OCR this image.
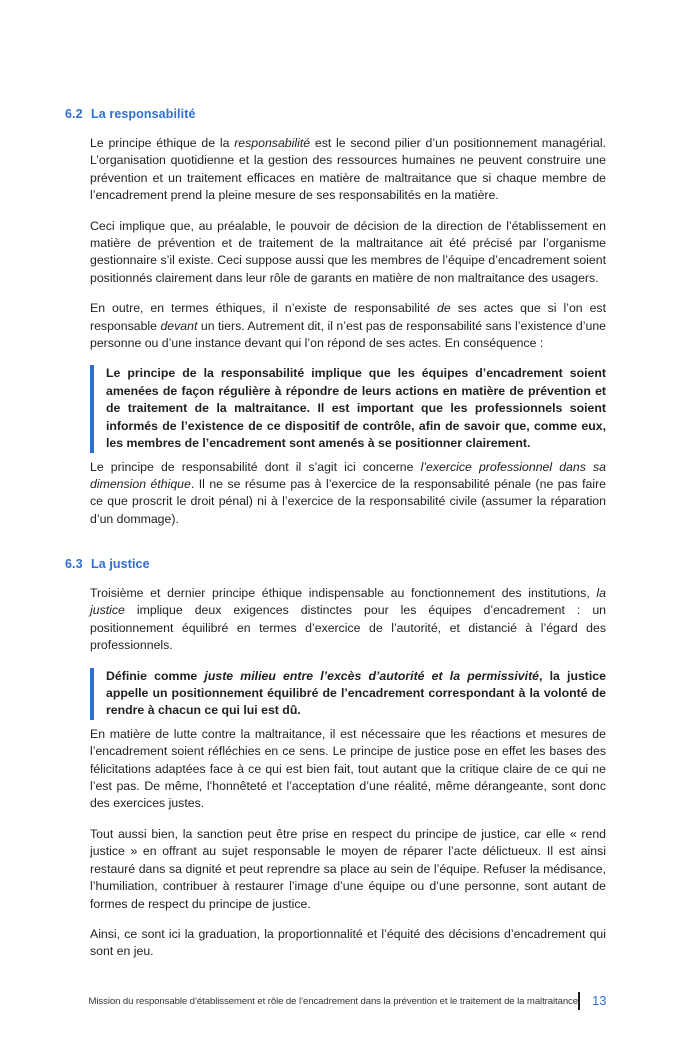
6.2 La responsabilité

Le principe éthique de la responsabilité est le second pilier d’un positionnement managérial. L’organisation quotidienne et la gestion des ressources humaines ne peuvent construire une prévention et un traitement efficaces en matière de maltraitance que si chaque membre de l’encadrement prend la pleine mesure de ses responsabilités en la matière.

Ceci implique que, au préalable, le pouvoir de décision de la direction de l’établissement en matière de prévention et de traitement de la maltraitance ait été précisé par l’organisme gestionnaire s’il existe. Ceci suppose aussi que les membres de l’équipe d’encadrement soient positionnés clairement dans leur rôle de garants en matière de non maltraitance des usagers.

En outre, en termes éthiques, il n’existe de responsabilité de ses actes que si l’on est responsable devant un tiers. Autrement dit, il n’est pas de responsabilité sans l’existence d’une personne ou d’une instance devant qui l’on répond de ses actes. En conséquence :

Le principe de la responsabilité implique que les équipes d’encadrement soient amenées de façon régulière à répondre de leurs actions en matière de prévention et de traitement de la maltraitance. Il est important que les professionnels soient informés de l’existence de ce dispositif de contrôle, afin de savoir que, comme eux, les membres de l’encadrement sont amenés à se positionner clairement.

Le principe de responsabilité dont il s’agit ici concerne l’exercice professionnel dans sa dimension éthique. Il ne se résume pas à l’exercice de la responsabilité pénale (ne pas faire ce que proscrit le droit pénal) ni à l’exercice de la responsabilité civile (assumer la réparation d’un dommage).

6.3 La justice

Troisième et dernier principe éthique indispensable au fonctionnement des institutions, la justice implique deux exigences distinctes pour les équipes d’encadrement : un positionnement équilibré en termes d’exercice de l’autorité, et distancié à l’égard des professionnels.

Définie comme juste milieu entre l’excès d’autorité et la permissivité, la justice appelle un positionnement équilibré de l’encadrement correspondant à la volonté de rendre à chacun ce qui lui est dû.

En matière de lutte contre la maltraitance, il est nécessaire que les réactions et mesures de l’encadrement soient réfléchies en ce sens. Le principe de justice pose en effet les bases des félicitations adaptées face à ce qui est bien fait, tout autant que la critique claire de ce qui ne l’est pas. De même, l’honnêteté et l’acceptation d’une réalité, même dérangeante, sont donc des exercices justes.

Tout aussi bien, la sanction peut être prise en respect du principe de justice, car elle « rend justice » en offrant au sujet responsable le moyen de réparer l’acte délictueux. Il est ainsi restauré dans sa dignité et peut reprendre sa place au sein de l’équipe. Refuser la médisance, l’humiliation, contribuer à restaurer l’image d’une équipe ou d’une personne, sont autant de formes de respect du principe de justice.

Ainsi, ce sont ici la graduation, la proportionnalité et l’équité des décisions d’encadrement qui sont en jeu.

Mission du responsable d’établissement et rôle de l’encadrement dans la prévention et le traitement de la maltraitance 13
